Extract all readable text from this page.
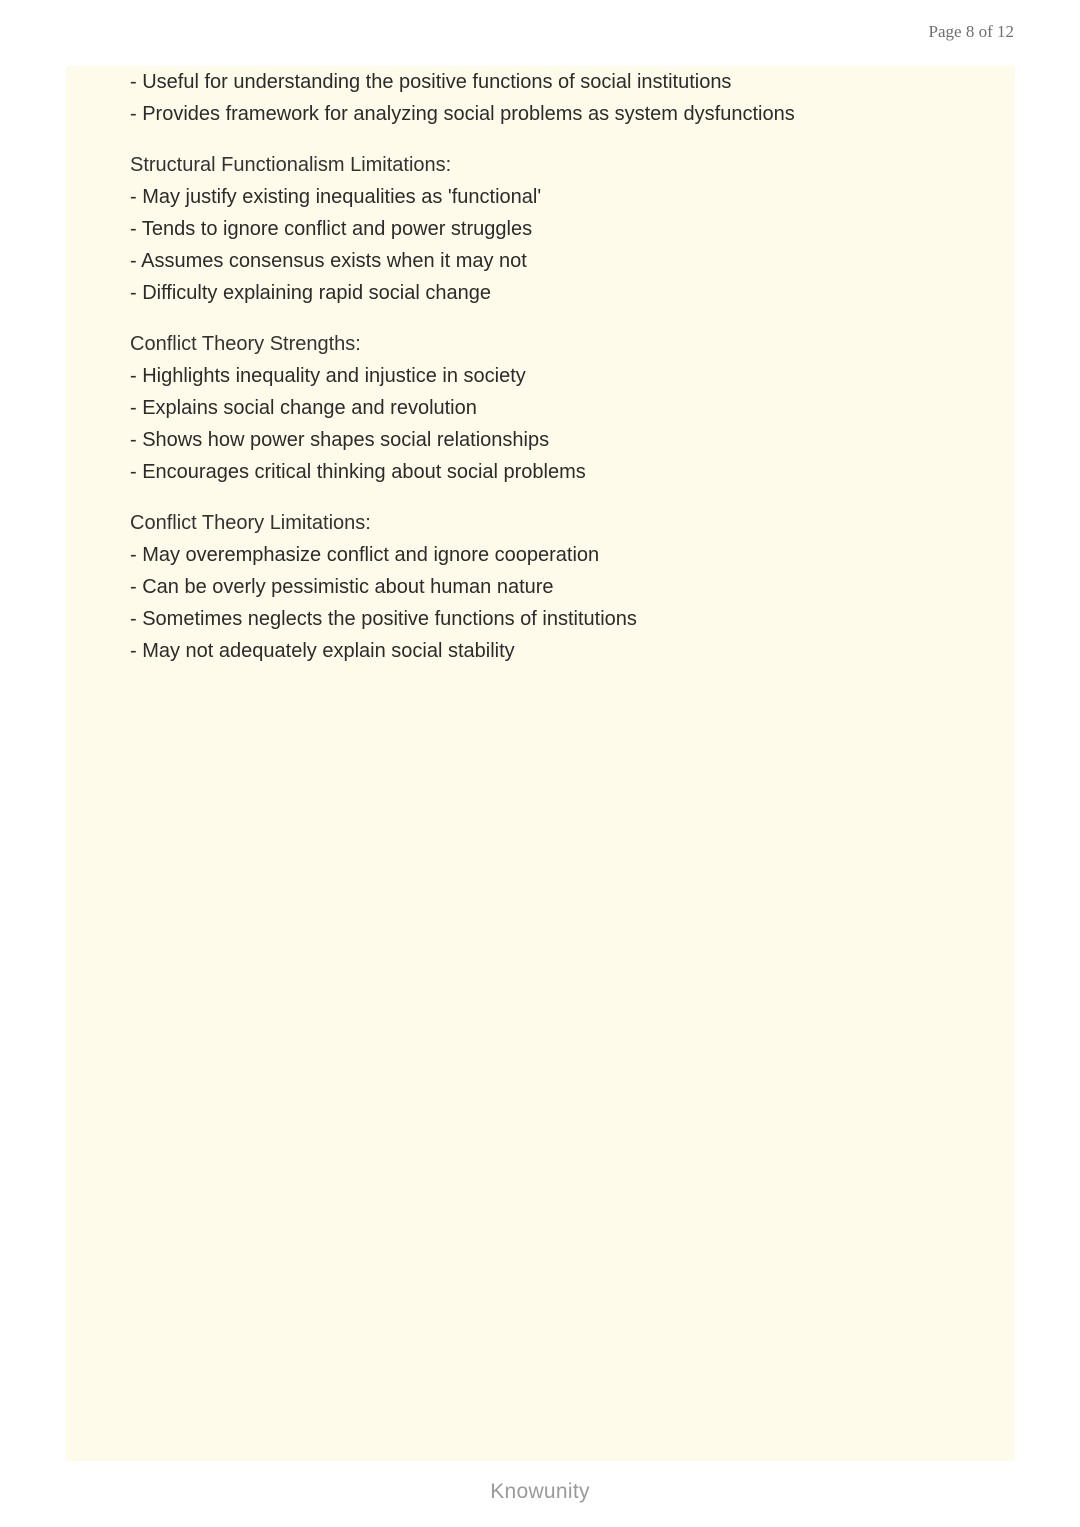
Page 8 of 12
- Useful for understanding the positive functions of social institutions
- Provides framework for analyzing social problems as system dysfunctions
Structural Functionalism Limitations:
- May justify existing inequalities as 'functional'
- Tends to ignore conflict and power struggles
- Assumes consensus exists when it may not
- Difficulty explaining rapid social change
Conflict Theory Strengths:
- Highlights inequality and injustice in society
- Explains social change and revolution
- Shows how power shapes social relationships
- Encourages critical thinking about social problems
Conflict Theory Limitations:
- May overemphasize conflict and ignore cooperation
- Can be overly pessimistic about human nature
- Sometimes neglects the positive functions of institutions
- May not adequately explain social stability
Knowunity
